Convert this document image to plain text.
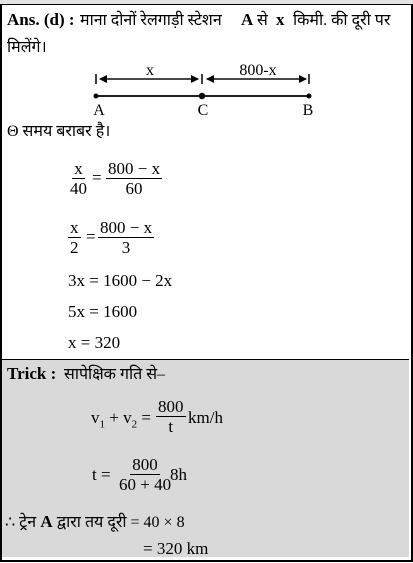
Ans. (d) : माना दोनों रेलगाड़ी स्टेशन A से x किमी. की दूरी पर
मिलेंगे।
x	800-x
A	C	B
Θ समय बराबर है।
$\frac{x}{40} = \frac{800 - x}{60}$
$\frac{x}{2} = \frac{800 - x}{3}$
3x = 1600 − 2x
5x = 1600
x = 320
Trick : सापेक्षिक गति से–
$v_1 + v_2 = \frac{800}{t} km/h$
$t = \frac{800}{60 + 40}$
8h
∴ ट्रेन A द्वारा तय दूरी = 40 × 8
= 320 km
